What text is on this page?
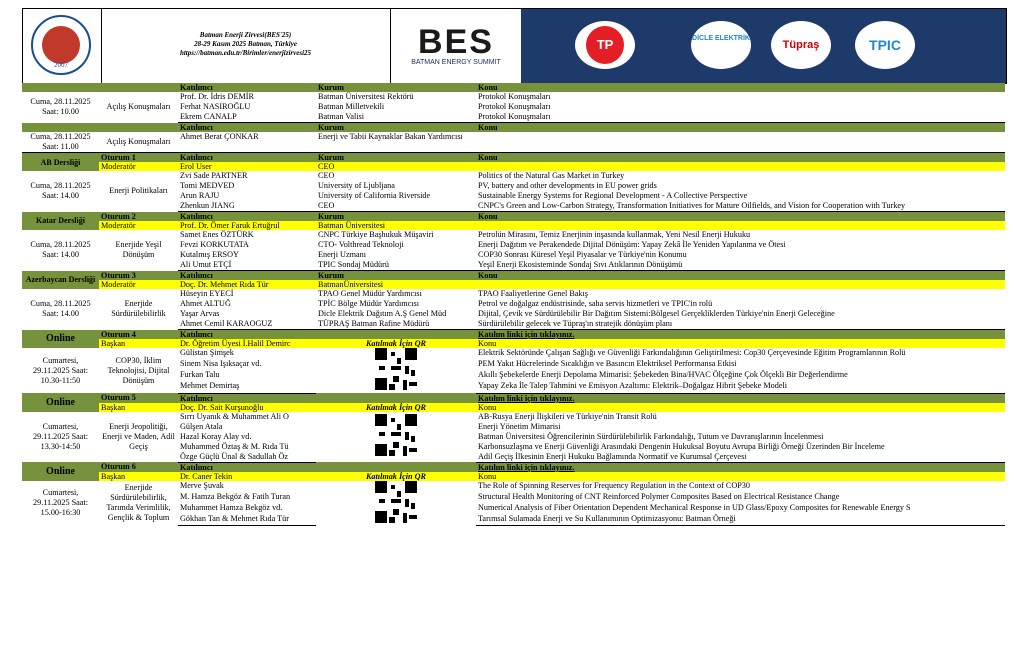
2007
Batman Enerji Zirvesi(BES'25)
28-29 Kasım 2025 Batman, Türkiye
https://batman.edu.tr/Birimler/enerjizirvesi25	BES
BATMAN ENERGY SUMMIT
TP	DİCLE ELEKTRİK
Tüpraş	TPIC
		Katılımcı	Kurum	Konu
Cuma, 28.11.2025 Saat: 10.00	Açılış Konuşmaları	Prof. Dr. İdris DEMİR	Batman Üniversitesi Rektörü	Protokol Konuşmaları
		Ferhat NASIROĞLU	Batman Milletvekili	Protokol Konuşmaları
		Ekrem CANALP	Batman Valisi	Protokol Konuşmaları
		Katılımcı	Kurum	Konu
Cuma, 28.11.2025 Saat: 11.00	Açılış Konuşmaları	Ahmet Berat ÇONKAR	Enerji ve Tabii Kaynaklar Bakan Yardımcısı	
AB Dersliği	Oturum 1	Katılımcı	Kurum	Konu
	Moderatör	Erol User	CEO	
Cuma, 28.11.2025 Saat: 14.00	Enerji Politikaları	Zvi Sade PARTNER	CEO	Politics of the Natural Gas Market in Turkey
		Tomi MEDVED	University of Ljubljana	PV, battery and other developments in EU power grids
		Arun RAJU	University of California Riverside	Sustainable Energy Systems for Regional Development - A Collective Perspective
		Zhenkun JIANG	CEO	CNPC's Green and Low-Carbon Strategy, Transformation Initiatives for Mature Oilfields, and Vision for Cooperation with Turkey
Katar Dersliği	Oturum 2	Katılımcı	Kurum	Konu
	Moderatör	Prof. Dr. Ömer Faruk Ertuğrul	Batman Üniversitesi	
Cuma, 28.11.2025 Saat: 14.00	Enerjide Yeşil Dönüşüm	Samet Enes ÖZTÜRK	CNPC Türkiye Başhukuk Müşaviri	Petrolün Mirasını, Temiz Enerjinin inşasında kullanmak, Yeni Nesil Enerji Hukuku
		Fevzi KORKUTATA	CTO- Volthread Teknoloji	Enerji Dağıtım ve Perakendede Dijital Dönüşüm: Yapay Zekâ İle Yeniden Yapılanma ve Ötesi
		Kutalmış ERSOY	Enerji Uzmanı	COP30 Sonrası Küresel Yeşil Piyasalar ve Türkiye'nin Konumu
		Ali Umut ETÇİ	TPIC Sondaj Müdürü	Yeşil Enerji Ekosisteminde Sondaj Sıvı Atıklarının Dönüşümü
Azerbaycan Dersliği	Oturum 3	Katılımcı	Kurum	Konu
	Moderatör	Doç. Dr. Mehmet Rıda Tür	BatmanÜniversitesi	
Cuma, 28.11.2025 Saat: 14.00	Enerjide Sürdürülebilirlik	Hüseyin EYECİ	TPAO Genel Müdür Yardımcısı	TPAO Faaliyetlerine Genel Bakış
		Ahmet ALTUĞ	TPİC Bölge Müdür Yardımcısı	Petrol ve doğalgaz endüstrisinde, saha servis hizmetleri ve TPIC'in rolü
		Yaşar Arvas	Dicle Elektrik Dağıtım A.Ş Genel Müd	Dijital, Çevik ve Sürdürülebilir Bir Dağıtım Sistemi:Bölgesel Gerçekliklerden Türkiye'nin Enerji Geleceğine
		Ahmet Cemil KARAOGUZ	TÜPRAŞ Batman Rafine Müdürü	Sürdürülebilir gelecek ve Tüpraş'ın stratejik dönüşüm planı
Online	Oturum 4	Katılımcı		Katılım linki için tıklayınız.
	Başkan	Dr. Öğretim Üyesi İ.Halil Demirc	Katılmak İçin QR	Konu
Cumartesi, 29.11.2025 Saat: 10.30-11:50	COP30, İklim Teknolojisi, Dijital Dönüşüm	Gülistan Şimşek		Elektrik Sektöründe Çalışan Sağlığı ve Güvenliği Farkındalığının Geliştirilmesi: Cop30 Çerçevesinde Eğitim Programlarının Rolü
		Sinem Nisa Işıksaçar vd.		PEM Yakıt Hücrelerinde Sıcaklığın ve Basıncın Elektriksel Performansa Etkisi
		Furkan Talu		Akıllı Şebekelerde Enerji Depolama Mimarisi: Şebekeden Bina/HVAC Ölçeğine Çok Ölçekli Bir Değerlendirme
		Mehmet Demirtaş		Yapay Zeka İle Talep Tahmini ve Emisyon Azaltımı: Elektrik–Doğalgaz Hibrit Şebeke Modeli
Online	Oturum 5	Katılımcı		Katılım linki için tıklayınız.
	Başkan	Doç. Dr. Sait Kurşunoğlu	Katılmak İçin QR	Konu
Cumartesi, 29.11.2025 Saat: 13.30-14:50	Enerji Jeopolitiği, Enerji ve Maden, Adil Geçiş	Sırrı Uyanık & Muhammet Ali O		AB-Rusya Enerji İlişkileri ve Türkiye'nin Transit Rolü
		Gülşen Atala		Enerji Yönetim Mimarisi
		Hazal Koray Alay vd.		Batman Üniversitesi Öğrencilerinin Sürdürülebilirlik Farkındalığı, Tutum ve Davranışlarının İncelenmesi
		Muhammed Öztaş & M. Rıda Tü		Karbonsuzlaşma ve Enerji Güvenliği Arasındaki Dengenin Hukuksal Boyutu Avrupa Birliği Örneği Üzerinden Bir İnceleme
		Özge Güçlü Ünal & Sadullah Öz		Adil Geçiş İlkesinin Enerji Hukuku Bağlamında Normatif ve Kurumsal Çerçevesi
Online	Oturum 6	Katılımcı		Katılım linki için tıklayınız.
	Başkan	Dr. Caner Tekin	Katılmak İçin QR	Konu
Cumartesi, 29.11.2025 Saat: 15.00-16:30	Enerjide Sürdürülebilirlik, Tarımda Verimlilik, Gençlik & Toplum	Merve Şuvak		The Role of Spinning Reserves for Frequency Regulation in the Context of COP30
		M. Hamza Bekgöz & Fatih Turan		Structural Health Monitoring of CNT Reinforced Polymer Composites Based on Electrical Resistance Change
		Muhammet Hamza Bekgöz vd.		Numerical Analysis of Fiber Orientation Dependent Mechanical Response in UD Glass/Epoxy Composites for Renewable Energy S
		Gökhan Tan & Mehmet Rıda Tür		Tarımsal Sulamada Enerji ve Su Kullanımının Optimizasyonu: Batman Örneği
